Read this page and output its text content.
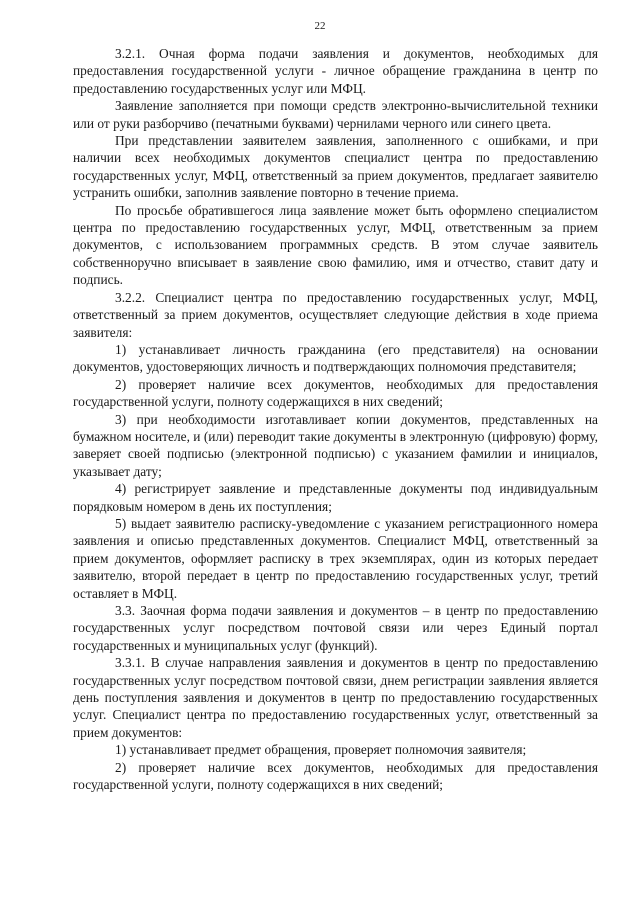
22

3.2.1. Очная форма подачи заявления и документов, необходимых для предоставления государственной услуги - личное обращение гражданина в центр по предоставлению государственных услуг или МФЦ.

Заявление заполняется при помощи средств электронно-вычислительной техники или от руки разборчиво (печатными буквами) чернилами черного или синего цвета.

При представлении заявителем заявления, заполненного с ошибками, и при наличии всех необходимых документов специалист центра по предоставлению государственных услуг, МФЦ, ответственный за прием документов, предлагает заявителю устранить ошибки, заполнив заявление повторно в течение приема.

По просьбе обратившегося лица заявление может быть оформлено специалистом центра по предоставлению государственных услуг, МФЦ, ответственным за прием документов, с использованием программных средств. В этом случае заявитель собственноручно вписывает в заявление свою фамилию, имя и отчество, ставит дату и подпись.

3.2.2. Специалист центра по предоставлению государственных услуг, МФЦ, ответственный за прием документов, осуществляет следующие действия в ходе приема заявителя:

1) устанавливает личность гражданина (его представителя) на основании документов, удостоверяющих личность и подтверждающих полномочия представителя;

2) проверяет наличие всех документов, необходимых для предоставления государственной услуги, полноту содержащихся в них сведений;

3) при необходимости изготавливает копии документов, представленных на бумажном носителе, и (или) переводит такие документы в электронную (цифровую) форму, заверяет своей подписью (электронной подписью) с указанием фамилии и инициалов, указывает дату;

4) регистрирует заявление и представленные документы под индивидуальным порядковым номером в день их поступления;

5) выдает заявителю расписку-уведомление с указанием регистрационного номера заявления и описью представленных документов. Специалист МФЦ, ответственный за прием документов, оформляет расписку в трех экземплярах, один из которых передает заявителю, второй передает в центр по предоставлению государственных услуг, третий оставляет в МФЦ.

3.3. Заочная форма подачи заявления и документов – в центр по предоставлению государственных услуг посредством почтовой связи или через Единый портал государственных и муниципальных услуг (функций).

3.3.1. В случае направления заявления и документов в центр по предоставлению государственных услуг посредством почтовой связи, днем регистрации заявления является день поступления заявления и документов в центр по предоставлению государственных услуг. Специалист центра по предоставлению государственных услуг, ответственный за прием документов:

1) устанавливает предмет обращения, проверяет полномочия заявителя;

2) проверяет наличие всех документов, необходимых для предоставления государственной услуги, полноту содержащихся в них сведений;
